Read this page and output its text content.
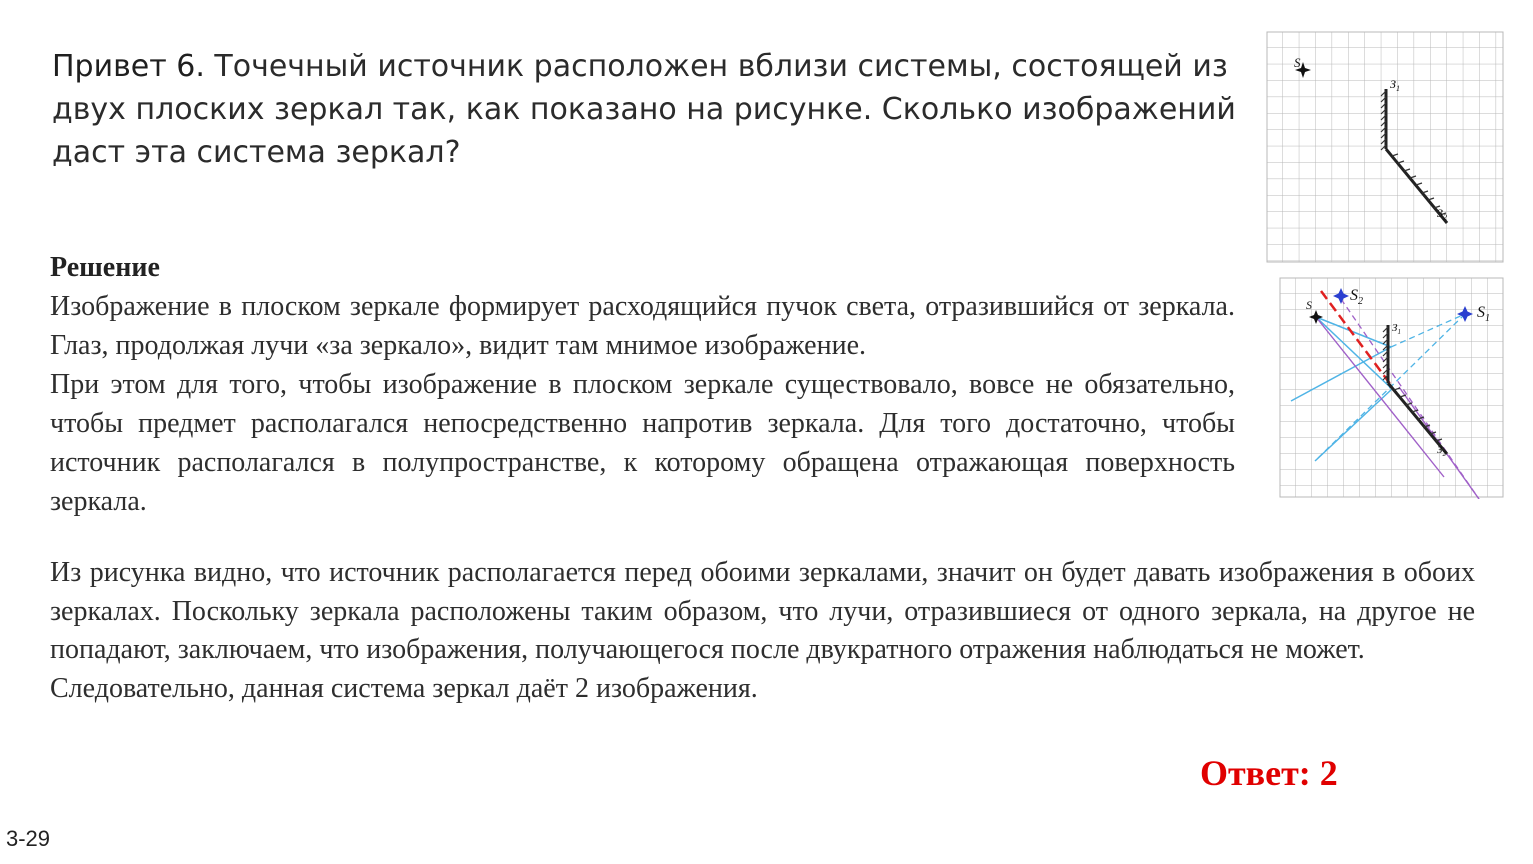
Привет 6. Точечный источник расположен вблизи системы, состоящей из двух плоских зеркал так, как показано на рисунке. Сколько изображений даст эта система зеркал?

S
$З_1$
$З_2$

Решение

Изображение в плоском зеркале формирует расходящийся пучок света, отразившийся от зеркала. Глаз, продолжая лучи «за зеркало», видит там мнимое изображение.
При этом для того, чтобы изображение в плоском зеркале существовало, вовсе не обязательно, чтобы предмет располагался непосредственно напротив зеркала. Для того достаточно, чтобы источник располагался в полупространстве, к которому обращена отражающая поверхность зеркала.
$З_1$
$З_2$
S	$S_1$
$S_2$
Из рисунка видно, что источник располагается перед обоими зеркалами, значит он будет давать изображения в обоих зеркалах. Поскольку зеркала расположены таким образом, что лучи, отразившиеся от одного зеркала, на другое не попадают, заключаем, что изображения, получающегося после двукратного отражения наблюдаться не может.
Следовательно, данная система зеркал даёт 2 изображения.

Ответ: 2

3-29
